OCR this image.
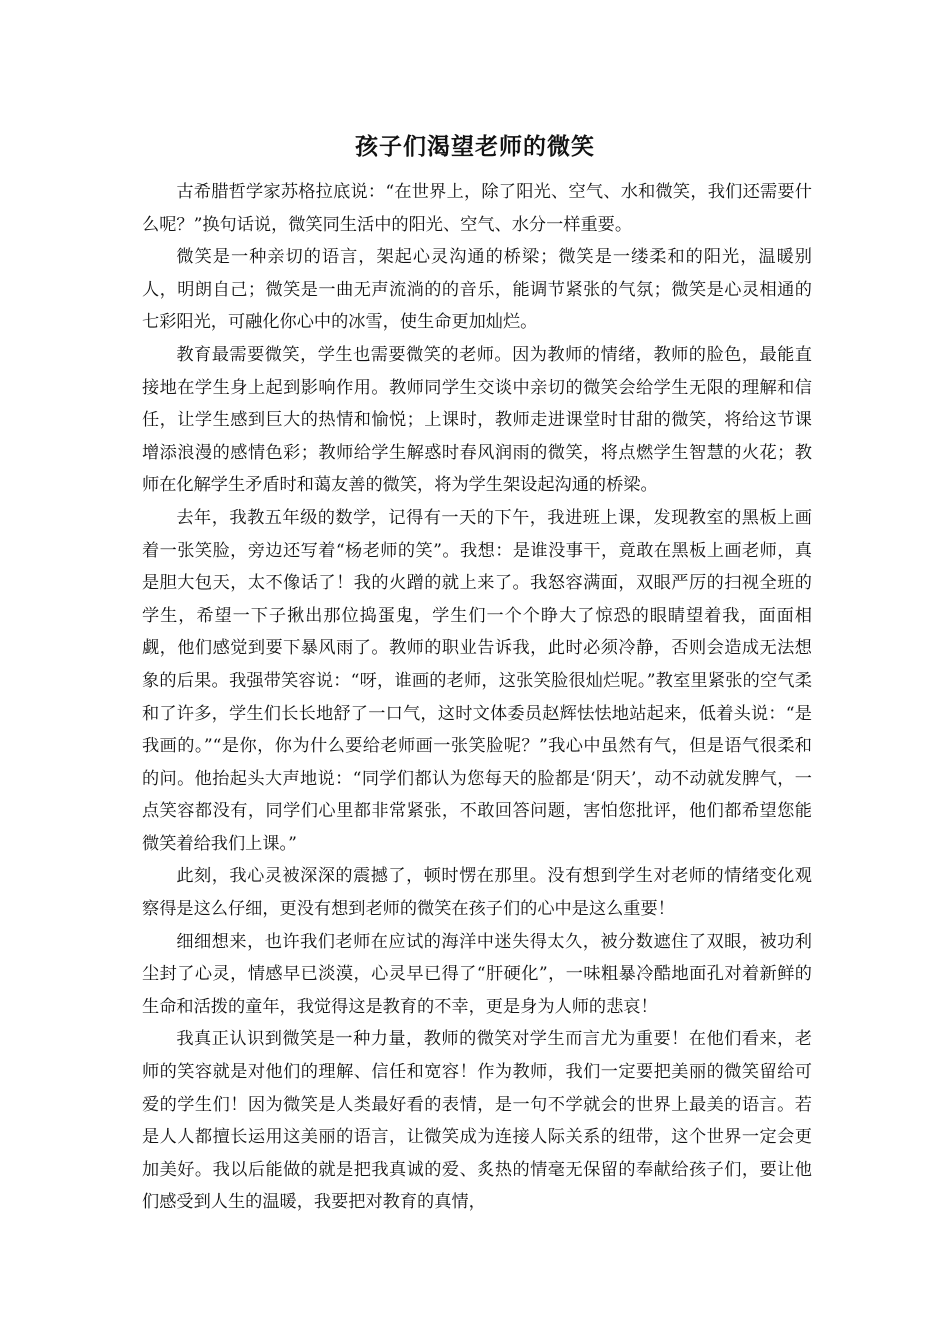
孩子们渴望老师的微笑

古希腊哲学家苏格拉底说：“在世界上，除了阳光、空气、水和微笑，我们还需要什么呢？”换句话说，微笑同生活中的阳光、空气、水分一样重要。

微笑是一种亲切的语言，架起心灵沟通的桥梁；微笑是一缕柔和的阳光，温暖别人，明朗自己；微笑是一曲无声流淌的的音乐，能调节紧张的气氛；微笑是心灵相通的七彩阳光，可融化你心中的冰雪，使生命更加灿烂。

教育最需要微笑，学生也需要微笑的老师。因为教师的情绪，教师的脸色，最能直接地在学生身上起到影响作用。教师同学生交谈中亲切的微笑会给学生无限的理解和信任，让学生感到巨大的热情和愉悦；上课时，教师走进课堂时甘甜的微笑，将给这节课增添浪漫的感情色彩；教师给学生解惑时春风润雨的微笑，将点燃学生智慧的火花；教师在化解学生矛盾时和蔼友善的微笑，将为学生架设起沟通的桥梁。

去年，我教五年级的数学，记得有一天的下午，我进班上课，发现教室的黑板上画着一张笑脸，旁边还写着“杨老师的笑”。我想：是谁没事干，竟敢在黑板上画老师，真是胆大包天，太不像话了！我的火蹭的就上来了。我怒容满面，双眼严厉的扫视全班的学生，希望一下子揪出那位捣蛋鬼，学生们一个个睁大了惊恐的眼睛望着我，面面相觑，他们感觉到要下暴风雨了。教师的职业告诉我，此时必须冷静，否则会造成无法想象的后果。我强带笑容说：“呀，谁画的老师，这张笑脸很灿烂呢。”教室里紧张的空气柔和了许多，学生们长长地舒了一口气，这时文体委员赵辉怯怯地站起来，低着头说：“是我画的。”“是你，你为什么要给老师画一张笑脸呢？”我心中虽然有气，但是语气很柔和的问。他抬起头大声地说：“同学们都认为您每天的脸都是‘阴天’，动不动就发脾气，一点笑容都没有，同学们心里都非常紧张，不敢回答问题，害怕您批评，他们都希望您能微笑着给我们上课。”

此刻，我心灵被深深的震撼了，顿时愣在那里。没有想到学生对老师的情绪变化观察得是这么仔细，更没有想到老师的微笑在孩子们的心中是这么重要！

细细想来，也许我们老师在应试的海洋中迷失得太久，被分数遮住了双眼，被功利尘封了心灵，情感早已淡漠，心灵早已得了“肝硬化”，一味粗暴冷酷地面孔对着新鲜的生命和活拨的童年，我觉得这是教育的不幸，更是身为人师的悲哀！

我真正认识到微笑是一种力量，教师的微笑对学生而言尤为重要！在他们看来，老师的笑容就是对他们的理解、信任和宽容！作为教师，我们一定要把美丽的微笑留给可爱的学生们！因为微笑是人类最好看的表情，是一句不学就会的世界上最美的语言。若是人人都擅长运用这美丽的语言，让微笑成为连接人际关系的纽带，这个世界一定会更加美好。我以后能做的就是把我真诚的爱、炙热的情毫无保留的奉献给孩子们，要让他们感受到人生的温暖，我要把对教育的真情，
